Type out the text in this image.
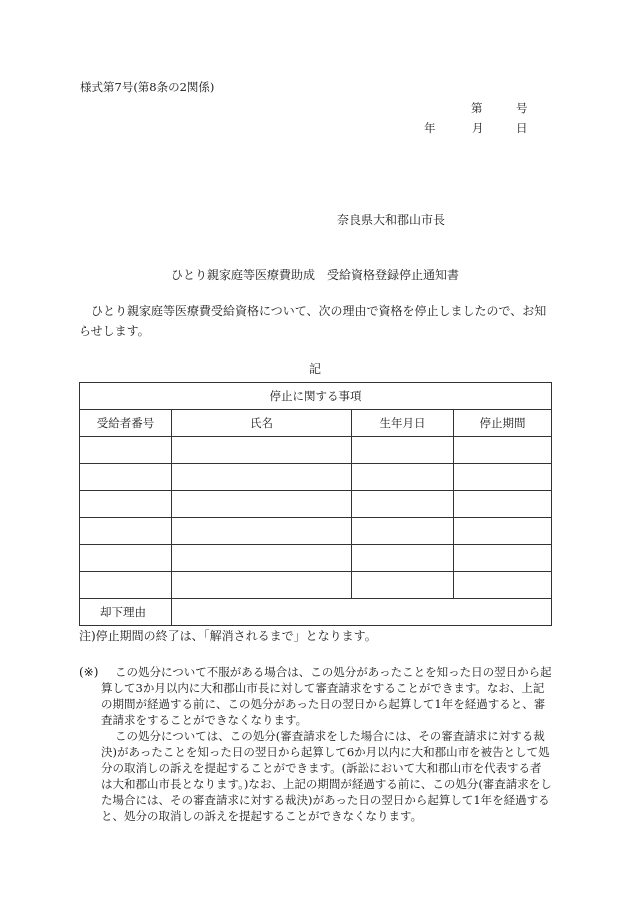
様式第7号(第8条の2関係)
第	号
年	月	日
奈良県大和郡山市長
ひとり親家庭等医療費助成　受給資格登録停止通知書
ひとり親家庭等医療費受給資格について、次の理由で資格を停止しましたので、お知らせします。
記
停止に関する事項			
受給者番号	氏名	生年月日	停止期間

却下理由			
注)停止期間の終了は、「解消されるまで」となります。
(※)	この処分について不服がある場合は、この処分があったことを知った日の翌日から起算して3か月以内に大和郡山市長に対して審査請求をすることができます。なお、上記の期間が経過する前に、この処分があった日の翌日から起算して1年を経過すると、審査請求をすることができなくなります。
この処分については、この処分(審査請求をした場合には、その審査請求に対する裁決)があったことを知った日の翌日から起算して6か月以内に大和郡山市を被告として処分の取消しの訴えを提起することができます。(訴訟において大和郡山市を代表する者は大和郡山市長となります。)なお、上記の期間が経過する前に、この処分(審査請求をした場合には、その審査請求に対する裁決)があった日の翌日から起算して1年を経過すると、処分の取消しの訴えを提起することができなくなります。
